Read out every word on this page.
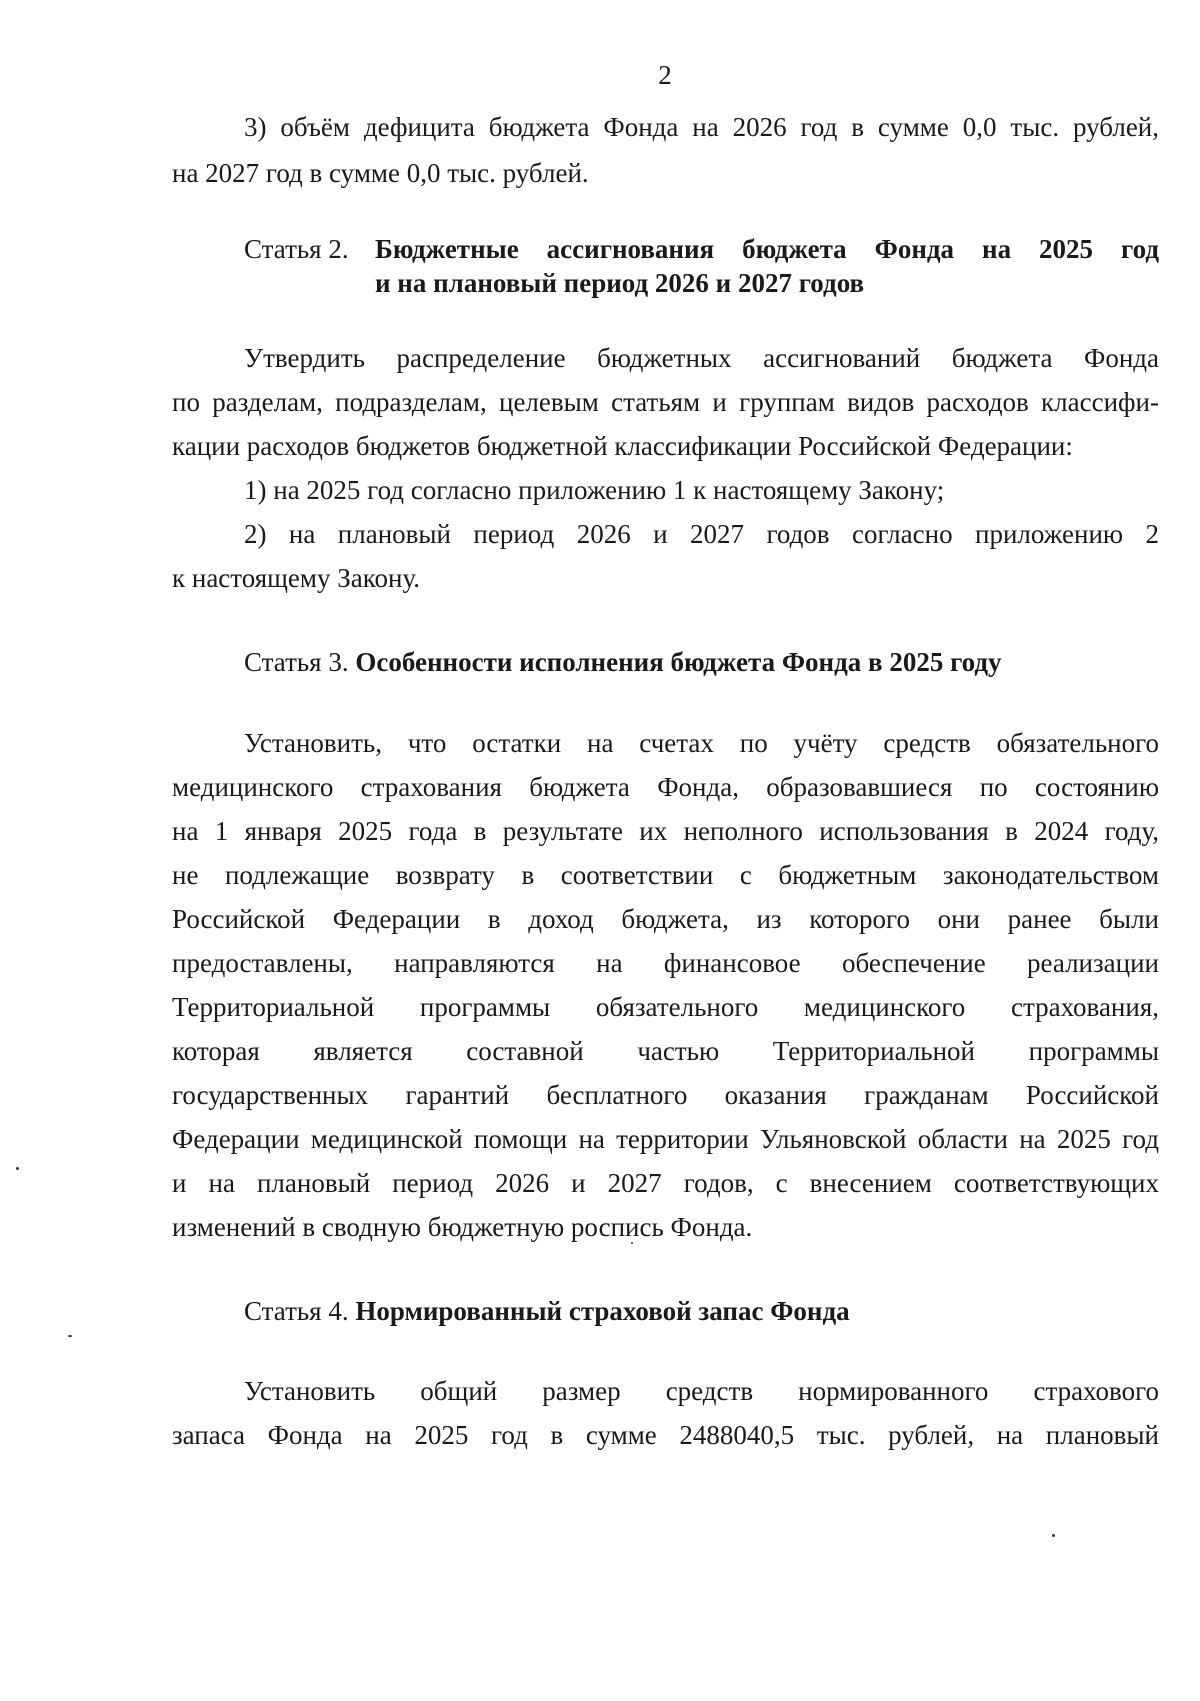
2
3) объём дефицита бюджета Фонда на 2026 год в сумме 0,0 тыс. рублей,
на 2027 год в сумме 0,0 тыс. рублей.
Статья 2. Бюджетные ассигнования бюджета Фонда на 2025 год
и на плановый период 2026 и 2027 годов
Утвердить распределение бюджетных ассигнований бюджета Фонда
по разделам, подразделам, целевым статьям и группам видов расходов классифи-
кации расходов бюджетов бюджетной классификации Российской Федерации:
1) на 2025 год согласно приложению 1 к настоящему Закону;
2) на плановый период 2026 и 2027 годов согласно приложению 2
к настоящему Закону.
Статья 3. Особенности исполнения бюджета Фонда в 2025 году
Установить, что остатки на счетах по учёту средств обязательного
медицинского страхования бюджета Фонда, образовавшиеся по состоянию
на 1 января 2025 года в результате их неполного использования в 2024 году,
не подлежащие возврату в соответствии с бюджетным законодательством
Российской Федерации в доход бюджета, из которого они ранее были
предоставлены, направляются на финансовое обеспечение реализации
Территориальной программы обязательного медицинского страхования,
которая является составной частью Территориальной программы
государственных гарантий бесплатного оказания гражданам Российской
Федерации медицинской помощи на территории Ульяновской области на 2025 год
и на плановый период 2026 и 2027 годов, с внесением соответствующих
изменений в сводную бюджетную роспись Фонда.
Статья 4. Нормированный страховой запас Фонда
Установить общий размер средств нормированного страхового
запаса Фонда на 2025 год в сумме 2488040,5 тыс. рублей, на плановый
